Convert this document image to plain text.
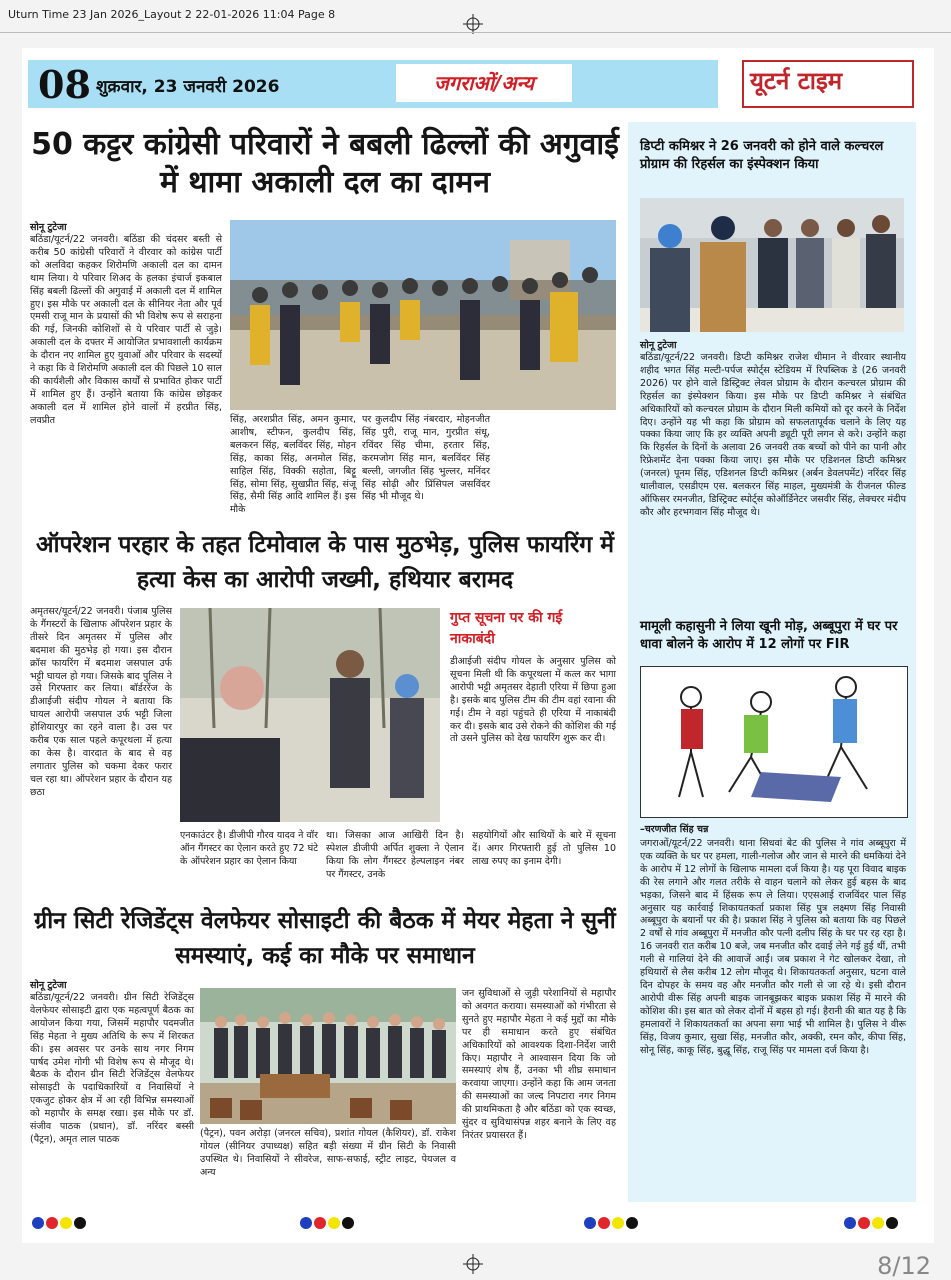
Uturn Time 23 Jan 2026_Layout 2 22-01-2026 11:04 Page 8
08 शुक्रवार, 23 जनवरी 2026	जगराओं/अन्य	यूटर्न टाइम
50 कट्टर कांग्रेसी परिवारों ने बबली ढिल्लों की अगुवाई में थामा अकाली दल का दामन
सोनू टुटेजा
बठिंडा/यूटर्न/22 जनवरी। बठिंडा की चंदसर बस्ती से करीब 50 कांग्रेसी परिवारों ने वीरवार को कांग्रेस पार्टी को अलविदा कहकर शिरोमणि अकाली दल का दामन थाम लिया। ये परिवार शिअद के हलका इंचार्ज इकबाल सिंह बबली ढिल्लों की अगुवाई में अकाली दल में शामिल हुए। इस मौके पर अकाली दल के सीनियर नेता और पूर्व एमसी राजू मान के प्रयासों की भी विशेष रूप से सराहना की गई, जिनकी कोशिशों से ये परिवार पार्टी से जुड़े। अकाली दल के दफ्तर में आयोजित प्रभावशाली कार्यक्रम के दौरान नए शामिल हुए युवाओं और परिवार के सदस्यों ने कहा कि वे शिरोमणि अकाली दल की पिछले 10 साल की कार्यशैली और विकास कार्यों से प्रभावित होकर पार्टी में शामिल हुए हैं। उन्होंने बताया कि कांग्रेस छोड़कर अकाली दल में शामिल होने वालों में हरप्रीत सिंह, लवप्रीत	सिंह, अरशप्रीत सिंह, अमन कुमार, आशीष, स्टीफन, कुलदीप सिंह, बलकरन सिंह, बलविंदर सिंह, मोहन सिंह, काका सिंह, अनमोल सिंह, साहिल सिंह, विक्की सहोता, बिट्टू सिंह, सोमा सिंह, सुखप्रीत सिंह, संजू सिंह, सैमी सिंह आदि शामिल हैं। इस मौके
पर कुलदीप सिंह नंबरदार, मोहनजीत सिंह पुरी, राजू मान, गुरप्रीत संधू, रविंदर सिंह चीमा, हरतार सिंह, करमजोग सिंह मान, बलविंदर सिंह बल्ली, जगजीत सिंह भुल्लर, मनिंदर सिंह सोढ़ी और प्रिंसिपल जसविंदर सिंह भी मौजूद थे।
ऑपरेशन परहार के तहत टिमोवाल के पास मुठभेड़, पुलिस फायरिंग में हत्या केस का आरोपी जख्मी, हथियार बरामद
अमृतसर/यूटर्न/22 जनवरी। पंजाब पुलिस के गैंगस्टरों के खिलाफ ऑपरेशन प्रहार के तीसरे दिन अमृतसर में पुलिस और बदमाश की मुठभेड़ हो गया। इस दौरान क्रॉस फायरिंग में बदमाश जसपाल उर्फ भट्टी घायल हो गया। जिसके बाद पुलिस ने उसे गिरफ्तार कर लिया। बॉर्डररेंज के डीआईजी संदीप गोयल ने बताया कि घायल आरोपी जसपाल उर्फ भट्टी जिला होशियारपुर का रहने वाला है। उस पर करीब एक साल पहले कपूरथला में हत्या का केस है। वारदात के बाद से वह लगातार पुलिस को चकमा देकर फरार चल रहा था। ऑपरेशन प्रहार के दौरान यह छठा
गुप्त सूचना पर की गई नाकाबंदी
डीआईजी संदीप गोयल के अनुसार पुलिस को सूचना मिली थी कि कपूरथला में कत्ल कर भागा आरोपी भट्टी अमृतसर देहाती एरिया में छिपा हुआ है। इसके बाद पुलिस टीम की टीम वहां रवाना की गई। टीम ने वहां पहुंचते ही एरिया में नाकाबंदी कर दी। इसके बाद उसे रोकने की कोशिश की गई तो उसने पुलिस को देख फायरिंग शुरू कर दी।
एनकाउंटर है। डीजीपी गौरव यादव ने वॉर ऑन गैंगस्टर का ऐलान करते हुए 72 घंटे के ऑपरेशन प्रहार का ऐलान किया
था। जिसका आज आखिरी दिन है। स्पेशल डीजीपी अर्पित शुक्ला ने ऐलान किया कि लोग गैंगस्टर हेल्पलाइन नंबर पर गैंगस्टर, उनके
सहयोगियों और साथियों के बारे में सूचना दें। अगर गिरफ्तारी हुई तो पुलिस 10 लाख रुपए का इनाम देगी।
ग्रीन सिटी रेजिडेंट्स वेलफेयर सोसाइटी की बैठक में मेयर मेहता ने सुनीं समस्याएं, कई का मौके पर समाधान
सोनू टुटेजा
बठिंडा/यूटर्न/22 जनवरी। ग्रीन सिटी रेजिडेंट्स वेलफेयर सोसाइटी द्वारा एक महत्वपूर्ण बैठक का आयोजन किया गया, जिसमें महापौर पदमजीत सिंह मेहता ने मुख्य अतिथि के रूप में शिरकत की। इस अवसर पर उनके साथ नगर निगम पार्षद उमेश गोगी भी विशेष रूप से मौजूद थे। बैठक के दौरान ग्रीन सिटी रेजिडेंट्स वेलफेयर सोसाइटी के पदाधिकारियों व निवासियों ने एकजुट होकर क्षेत्र में आ रही विभिन्न समस्याओं को महापौर के समक्ष रखा। इस मौके पर डॉ. संजीव पाठक (प्रधान), डॉ. नरिंदर बस्सी (पैट्रन), अमृत लाल पाठक
(पैट्रन), पवन अरोड़ा (जनरल सचिव), प्रशांत गोयल (कैशियर), डॉ. राकेश गोयल (सीनियर उपाध्यक्ष) सहित बड़ी संख्या में ग्रीन सिटी के निवासी उपस्थित थे। निवासियों ने सीवरेज, साफ-सफाई, स्ट्रीट लाइट, पेयजल व अन्य
जन सुविधाओं से जुड़ी परेशानियों से महापौर को अवगत कराया। समस्याओं को गंभीरता से सुनते हुए महापौर मेहता ने कई मुद्दों का मौके पर ही समाधान करते हुए संबंधित अधिकारियों को आवश्यक दिशा-निर्देश जारी किए। महापौर ने आश्वासन दिया कि जो समस्याएं शेष हैं, उनका भी शीघ्र समाधान करवाया जाएगा। उन्होंने कहा कि आम जनता की समस्याओं का जल्द निपटारा नगर निगम की प्राथमिकता है और बठिंडा को एक स्वच्छ, सुंदर व सुविधासंपन्न शहर बनाने के लिए वह निरंतर प्रयासरत हैं।
डिप्टी कमिश्नर ने 26 जनवरी को होने वाले कल्चरल प्रोग्राम की रिहर्सल का इंस्पेक्शन किया
सोनू टुटेजा
बठिंडा/यूटर्न/22 जनवरी। डिप्टी कमिश्नर राजेश धीमान ने वीरवार स्थानीय शहीद भगत सिंह मल्टी-पर्पज स्पोर्ट्स स्टेडियम में रिपब्लिक डे (26 जनवरी 2026) पर होने वाले डिस्ट्रिक्ट लेवल प्रोग्राम के दौरान कल्चरल प्रोग्राम की रिहर्सल का इंस्पेक्शन किया। इस मौके पर डिप्टी कमिश्नर ने संबंधित अधिकारियों को कल्चरल प्रोग्राम के दौरान मिली कमियों को दूर करने के निर्देश दिए। उन्होंने यह भी कहा कि प्रोग्राम को सफलतापूर्वक चलाने के लिए यह पक्का किया जाए कि हर व्यक्ति अपनी ड्यूटी पूरी लगन से करे। उन्होंने कहा कि रिहर्सल के दिनों के अलावा 26 जनवरी तक बच्चों को पीने का पानी और रिफ्रेशमेंट देना पक्का किया जाए। इस मौके पर एडिशनल डिप्टी कमिश्नर (जनरल) पूनम सिंह, एडिशनल डिप्टी कमिश्नर (अर्बन डेवलपमेंट) नरिंदर सिंह धालीवाल, एसडीएम एस. बलकरन सिंह माहल, मुख्यमंत्री के रीजनल फील्ड ऑफिसर रमनजीत, डिस्ट्रिक्ट स्पोर्ट्स कोऑर्डिनेटर जसवीर सिंह, लेक्चरर मंदीप कौर और हरभगवान सिंह मौजूद थे।
मामूली कहासुनी ने लिया खूनी मोड़, अब्बूपुरा में घर पर धावा बोलने के आरोप में 12 लोगों पर FIR
–चरणजीत सिंह चन्न
जगराओं/यूटर्न/22 जनवरी। थाना सिधवां बेट की पुलिस ने गांव अब्बूपुरा में एक व्यक्ति के घर पर हमला, गाली-गलोज और जान से मारने की धमकियां देने के आरोप में 12 लोगों के खिलाफ मामला दर्ज किया है। यह पूरा विवाद बाइक की रेस लगाने और गलत तरीके से वाहन चलाने को लेकर हुई बहस के बाद भड़का, जिसने बाद में हिंसक रूप ले लिया। एएसआई राजविंदर पाल सिंह अनुसार यह कार्रवाई शिकायतकर्ता प्रकाश सिंह पुत्र लक्ष्मण सिंह निवासी अब्बूपुरा के बयानों पर की है। प्रकाश सिंह ने पुलिस को बताया कि वह पिछले 2 वर्षों से गांव अब्बूपुरा में मनजीत कौर पत्नी दलीप सिंह के घर पर रह रहा है। 16 जनवरी रात करीब 10 बजे, जब मनजीत कौर दवाई लेने गई हुई थीं, तभी गली से गालियां देने की आवाजें आईं। जब प्रकाश ने गेट खोलकर देखा, तो हथियारों से लैस करीब 12 लोग मौजूद थे। शिकायतकर्ता अनुसार, घटना वाले दिन दोपहर के समय वह और मनजीत कौर गली से जा रहे थे। इसी दौरान आरोपी वीरू सिंह अपनी बाइक जानबूझकर बाइक प्रकाश सिंह में मारने की कोशिश की। इस बात को लेकर दोनों में बहस हो गई। हैरानी की बात यह है कि हमलावरों ने शिकायतकर्ता का अपना सगा भाई भी शामिल है। पुलिस ने वीरू सिंह, विजय कुमार, सुखा सिंह, मनजीत कौर, अक्की, रमन कौर, कीपा सिंह, सोनू सिंह, काकू सिंह, बुद्धू सिंह, राजू सिंह पर मामला दर्ज किया है।
8/12
